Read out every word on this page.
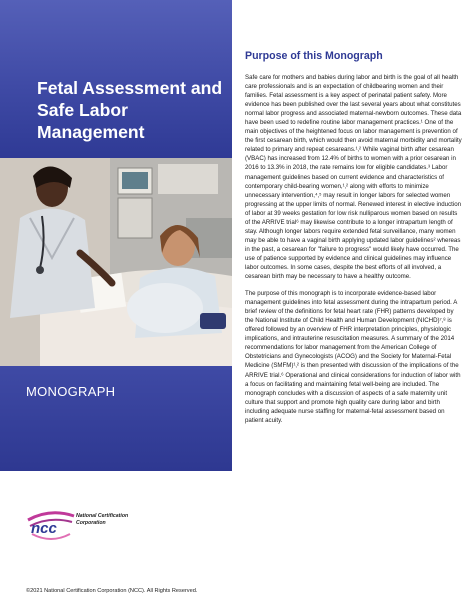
Fetal Assessment and Safe Labor Management
MONOGRAPH
ncc
National Certification Corporation
©2021 National Certification Corporation (NCC). All Rights Reserved.
Purpose of this Monograph

Safe care for mothers and babies during labor and birth is the goal of all health care professionals and is an expectation of childbearing women and their families. Fetal assessment is a key aspect of perinatal patient safety. More evidence has been published over the last several years about what constitutes normal labor progress and associated maternal-newborn outcomes. These data have been used to redefine routine labor management practices.¹ One of the main objectives of the heightened focus on labor management is prevention of the first cesarean birth, which would then avoid maternal morbidity and mortality related to primary and repeat cesareans.¹‚² While vaginal birth after cesarean (VBAC) has increased from 12.4% of births to women with a prior cesarean in 2016 to 13.3% in 2018, the rate remains low for eligible candidates.³ Labor management guidelines based on current evidence and characteristics of contemporary child-bearing women,¹‚² along with efforts to minimize unnecessary intervention,⁴‚⁵ may result in longer labors for selected women progressing at the upper limits of normal. Renewed interest in elective induction of labor at 39 weeks gestation for low risk nulliparous women based on results of the ARRIVE trial⁶ may likewise contribute to a longer intrapartum length of stay. Although longer labors require extended fetal surveillance, many women may be able to have a vaginal birth applying updated labor guidelines² whereas in the past, a cesarean for "failure to progress" would likely have occurred. The use of patience supported by evidence and clinical guidelines may influence labor outcomes. In some cases, despite the best efforts of all involved, a cesarean birth may be necessary to have a healthy outcome.

The purpose of this monograph is to incorporate evidence-based labor management guidelines into fetal assessment during the intrapartum period. A brief review of the definitions for fetal heart rate (FHR) patterns developed by the National Institute of Child Health and Human Development (NICHD)⁷‚⁸ is offered followed by an overview of FHR interpretation principles, physiologic implications, and intrauterine resuscitation measures. A summary of the 2014 recommendations for labor management from the American College of Obstetricians and Gynecologists (ACOG) and the Society for Maternal-Fetal Medicine (SMFM)¹‚² is then presented with discussion of the implications of the ARRIVE trial.⁶ Operational and clinical considerations for induction of labor with a focus on facilitating and maintaining fetal well-being are included. The monograph concludes with a discussion of aspects of a safe maternity unit culture that support and promote high quality care during labor and birth including adequate nurse staffing for maternal-fetal assessment based on patient acuity.
